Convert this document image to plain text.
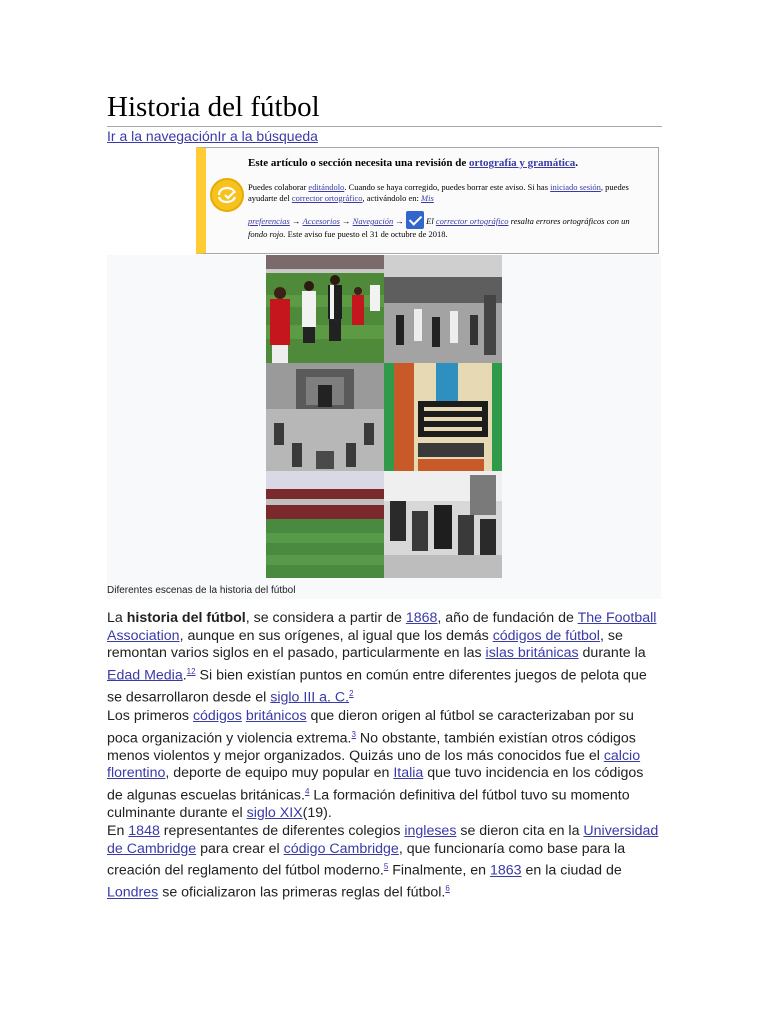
Historia del fútbol
Ir a la navegaciónIr a la búsqueda
Este artículo o sección necesita una revisión de ortografía y gramática.

Puedes colaborar editándolo. Cuando se haya corregido, puedes borrar este aviso. Si has iniciado sesión, puedes ayudarte del corrector ortográfico, activándolo en: Mis

preferencias → Accesorios → Navegación →  El corrector ortográfico resalta errores ortográficos con un fondo rojo. Este aviso fue puesto el 31 de octubre de 2018.

Diferentes escenas de la historia del fútbol

La historia del fútbol, se considera a partir de 1868, año de fundación de The Football Association, aunque en sus orígenes, al igual que los demás códigos de fútbol, se remontan varios siglos en el pasado, particularmente en las islas británicas durante la Edad Media.$^{12}$ Si bien existían puntos en común entre diferentes juegos de pelota que se desarrollaron desde el siglo III a. C.$^2$

Los primeros códigos británicos que dieron origen al fútbol se caracterizaban por su poca organización y violencia extrema.$^3$ No obstante, también existían otros códigos menos violentos y mejor organizados. Quizás uno de los más conocidos fue el calcio florentino, deporte de equipo muy popular en Italia que tuvo incidencia en los códigos de algunas escuelas británicas.$^4$ La formación definitiva del fútbol tuvo su momento culminante durante el siglo XIX(19).

En 1848 representantes de diferentes colegios ingleses se dieron cita en la Universidad de Cambridge para crear el código Cambridge, que funcionaría como base para la creación del reglamento del fútbol moderno.$^5$ Finalmente, en 1863 en la ciudad de Londres se oficializaron las primeras reglas del fútbol.$^6$
